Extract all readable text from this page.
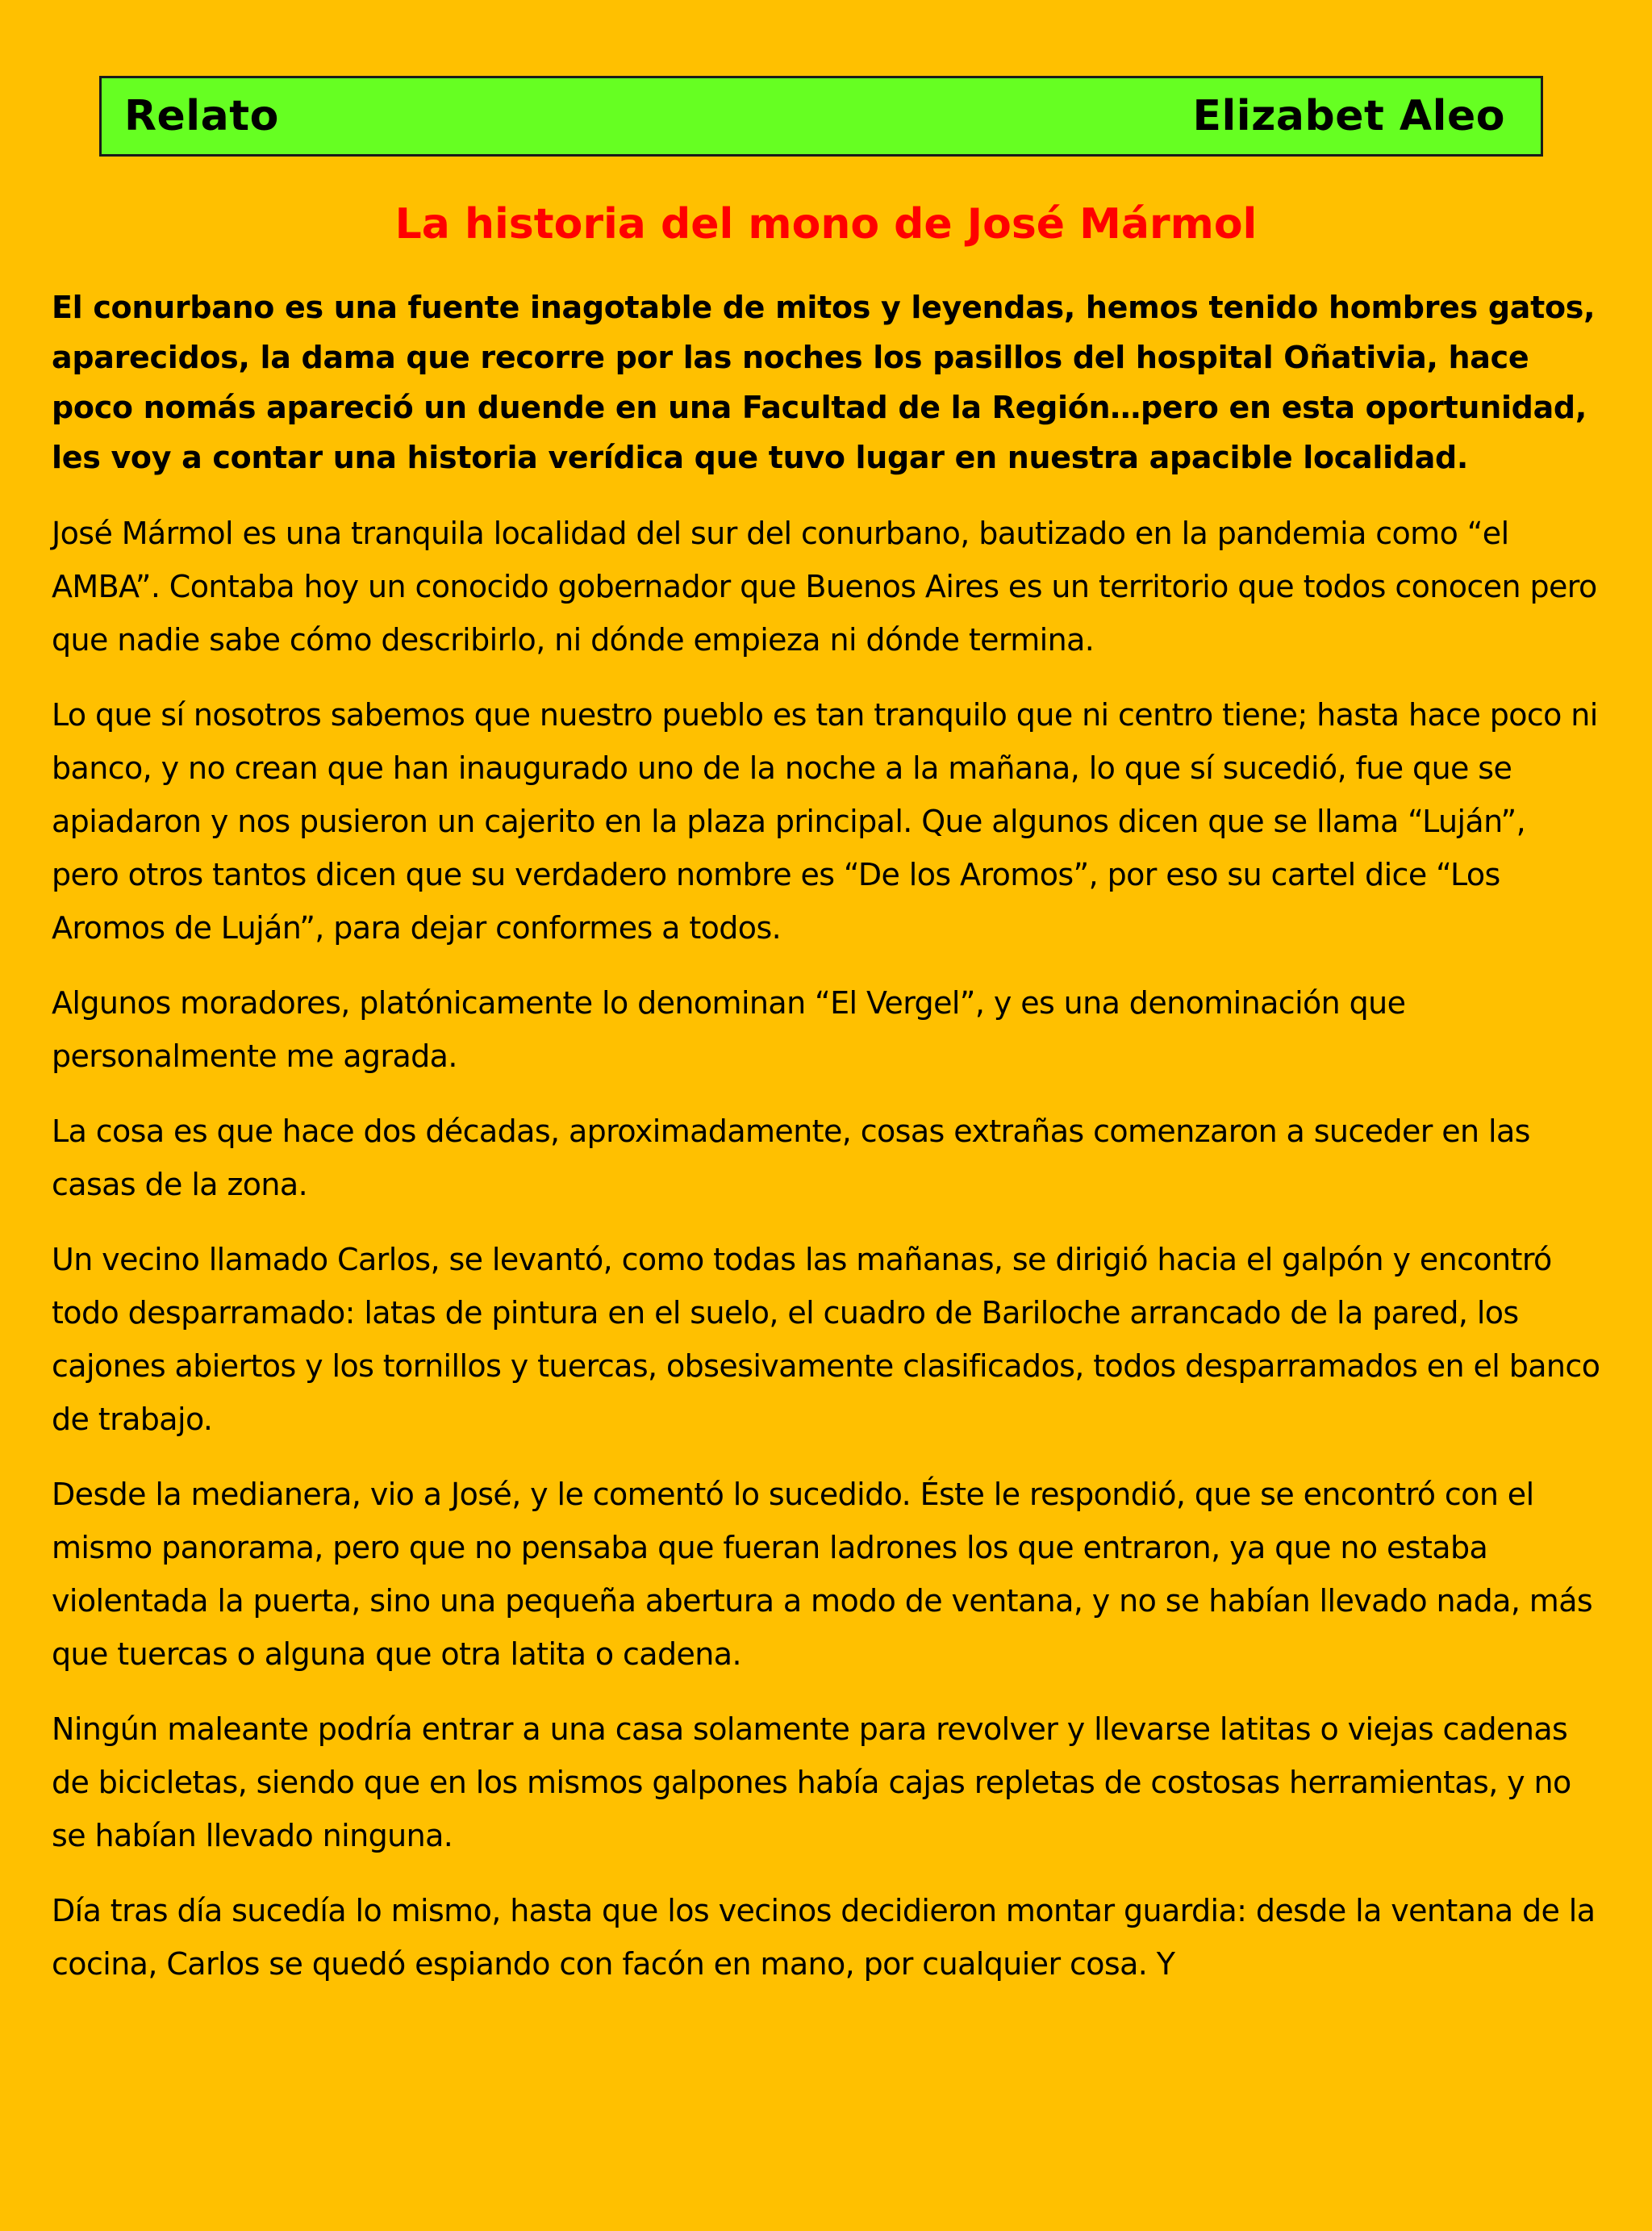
Relato	Elizabet Aleo
La historia del mono de José Mármol

El conurbano es una fuente inagotable de mitos y leyendas, hemos tenido hombres gatos, aparecidos, la dama que recorre por las noches los pasillos del hospital Oñativia, hace poco nomás apareció un duende en una Facultad de la Región…pero en esta oportunidad, les voy a contar una historia verídica que tuvo lugar en nuestra apacible localidad.

José Mármol es una tranquila localidad del sur del conurbano, bautizado en la pandemia como “el AMBA”. Contaba hoy un conocido gobernador que Buenos Aires es un territorio que todos conocen pero que nadie sabe cómo describirlo, ni dónde empieza ni dónde termina.

Lo que sí nosotros sabemos que nuestro pueblo es tan tranquilo que ni centro tiene; hasta hace poco ni banco, y no crean que han inaugurado uno de la noche a la mañana, lo que sí sucedió, fue que se apiadaron y nos pusieron un cajerito en la plaza principal. Que algunos dicen que se llama “Luján”, pero otros tantos dicen que su verdadero nombre es “De los Aromos”, por eso su cartel dice “Los Aromos de Luján”, para dejar conformes a todos.

Algunos moradores, platónicamente lo denominan “El Vergel”, y es una denominación que personalmente me agrada.

La cosa es que hace dos décadas, aproximadamente, cosas extrañas comenzaron a suceder en las casas de la zona.

Un vecino llamado Carlos, se levantó, como todas las mañanas, se dirigió hacia el galpón y encontró todo desparramado: latas de pintura en el suelo, el cuadro de Bariloche arrancado de la pared, los cajones abiertos y los tornillos y tuercas, obsesivamente clasificados, todos desparramados en el banco de trabajo.

Desde la medianera, vio a José, y le comentó lo sucedido. Éste le respondió, que se encontró con el mismo panorama, pero que no pensaba que fueran ladrones los que entraron, ya que no estaba violentada la puerta, sino una pequeña abertura a modo de ventana, y no se habían llevado nada, más que tuercas o alguna que otra latita o cadena.

Ningún maleante podría entrar a una casa solamente para revolver y llevarse latitas o viejas cadenas de bicicletas, siendo que en los mismos galpones había cajas repletas de costosas herramientas, y no se habían llevado ninguna.

Día tras día sucedía lo mismo, hasta que los vecinos decidieron montar guardia: desde la ventana de la cocina, Carlos se quedó espiando con facón en mano, por cualquier cosa. Y
